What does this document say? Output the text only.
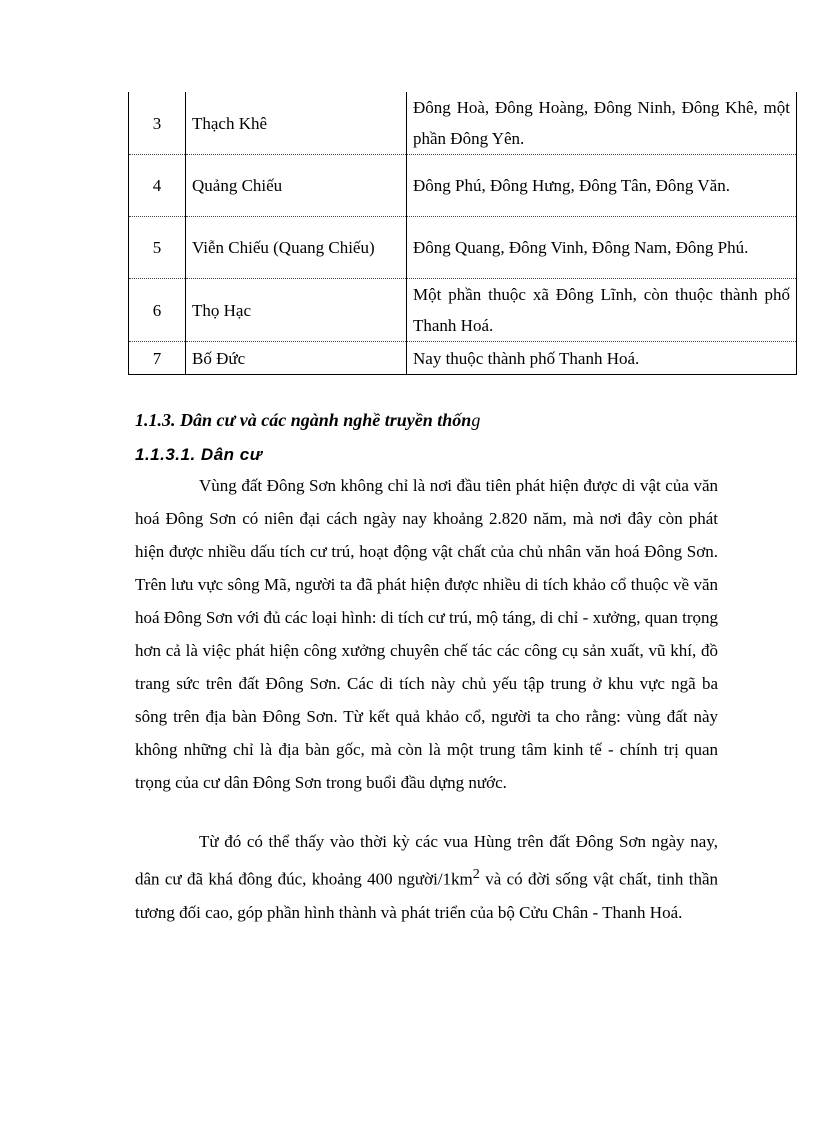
3	Thạch Khê	Đông Hoà, Đông Hoàng, Đông Ninh, Đông Khê, một phần Đông Yên.
4	Quảng Chiếu	Đông Phú, Đông Hưng, Đông Tân, Đông Văn.
5	Viễn Chiếu (Quang Chiếu)	Đông Quang, Đông Vinh, Đông Nam, Đông Phú.
6	Thọ Hạc	Một phần thuộc xã Đông Lĩnh, còn thuộc thành phố Thanh Hoá.
7	Bố Đức	Nay thuộc thành phố Thanh Hoá.
1.1.3. Dân cư và các ngành nghề truyền thống
1.1.3.1. Dân cư

Vùng đất Đông Sơn không chỉ là nơi đầu tiên phát hiện được di vật của văn hoá Đông Sơn có niên đại cách ngày nay khoảng 2.820 năm, mà nơi đây còn phát hiện được nhiều dấu tích cư trú, hoạt động vật chất của chủ nhân văn hoá Đông Sơn. Trên lưu vực sông Mã, người ta đã phát hiện được nhiều di tích khảo cổ thuộc về văn hoá Đông Sơn với đủ các loại hình: di tích cư trú, mộ táng, di chỉ - xưởng, quan trọng hơn cả là việc phát hiện công xưởng chuyên chế tác các công cụ sản xuất, vũ khí, đồ trang sức trên đất Đông Sơn. Các di tích này chủ yếu tập trung ở khu vực ngã ba sông trên địa bàn Đông Sơn. Từ kết quả khảo cổ, người ta cho rằng: vùng đất này không những chỉ là địa bàn gốc, mà còn là một trung tâm kinh tế - chính trị quan trọng của cư dân Đông Sơn trong buổi đầu dựng nước.

Từ đó có thể thấy vào thời kỳ các vua Hùng trên đất Đông Sơn ngày nay, dân cư đã khá đông đúc, khoảng 400 người/$1km^2$ và có đời sống vật chất, tinh thần tương đối cao, góp phần hình thành và phát triển của bộ Cửu Chân - Thanh Hoá.
